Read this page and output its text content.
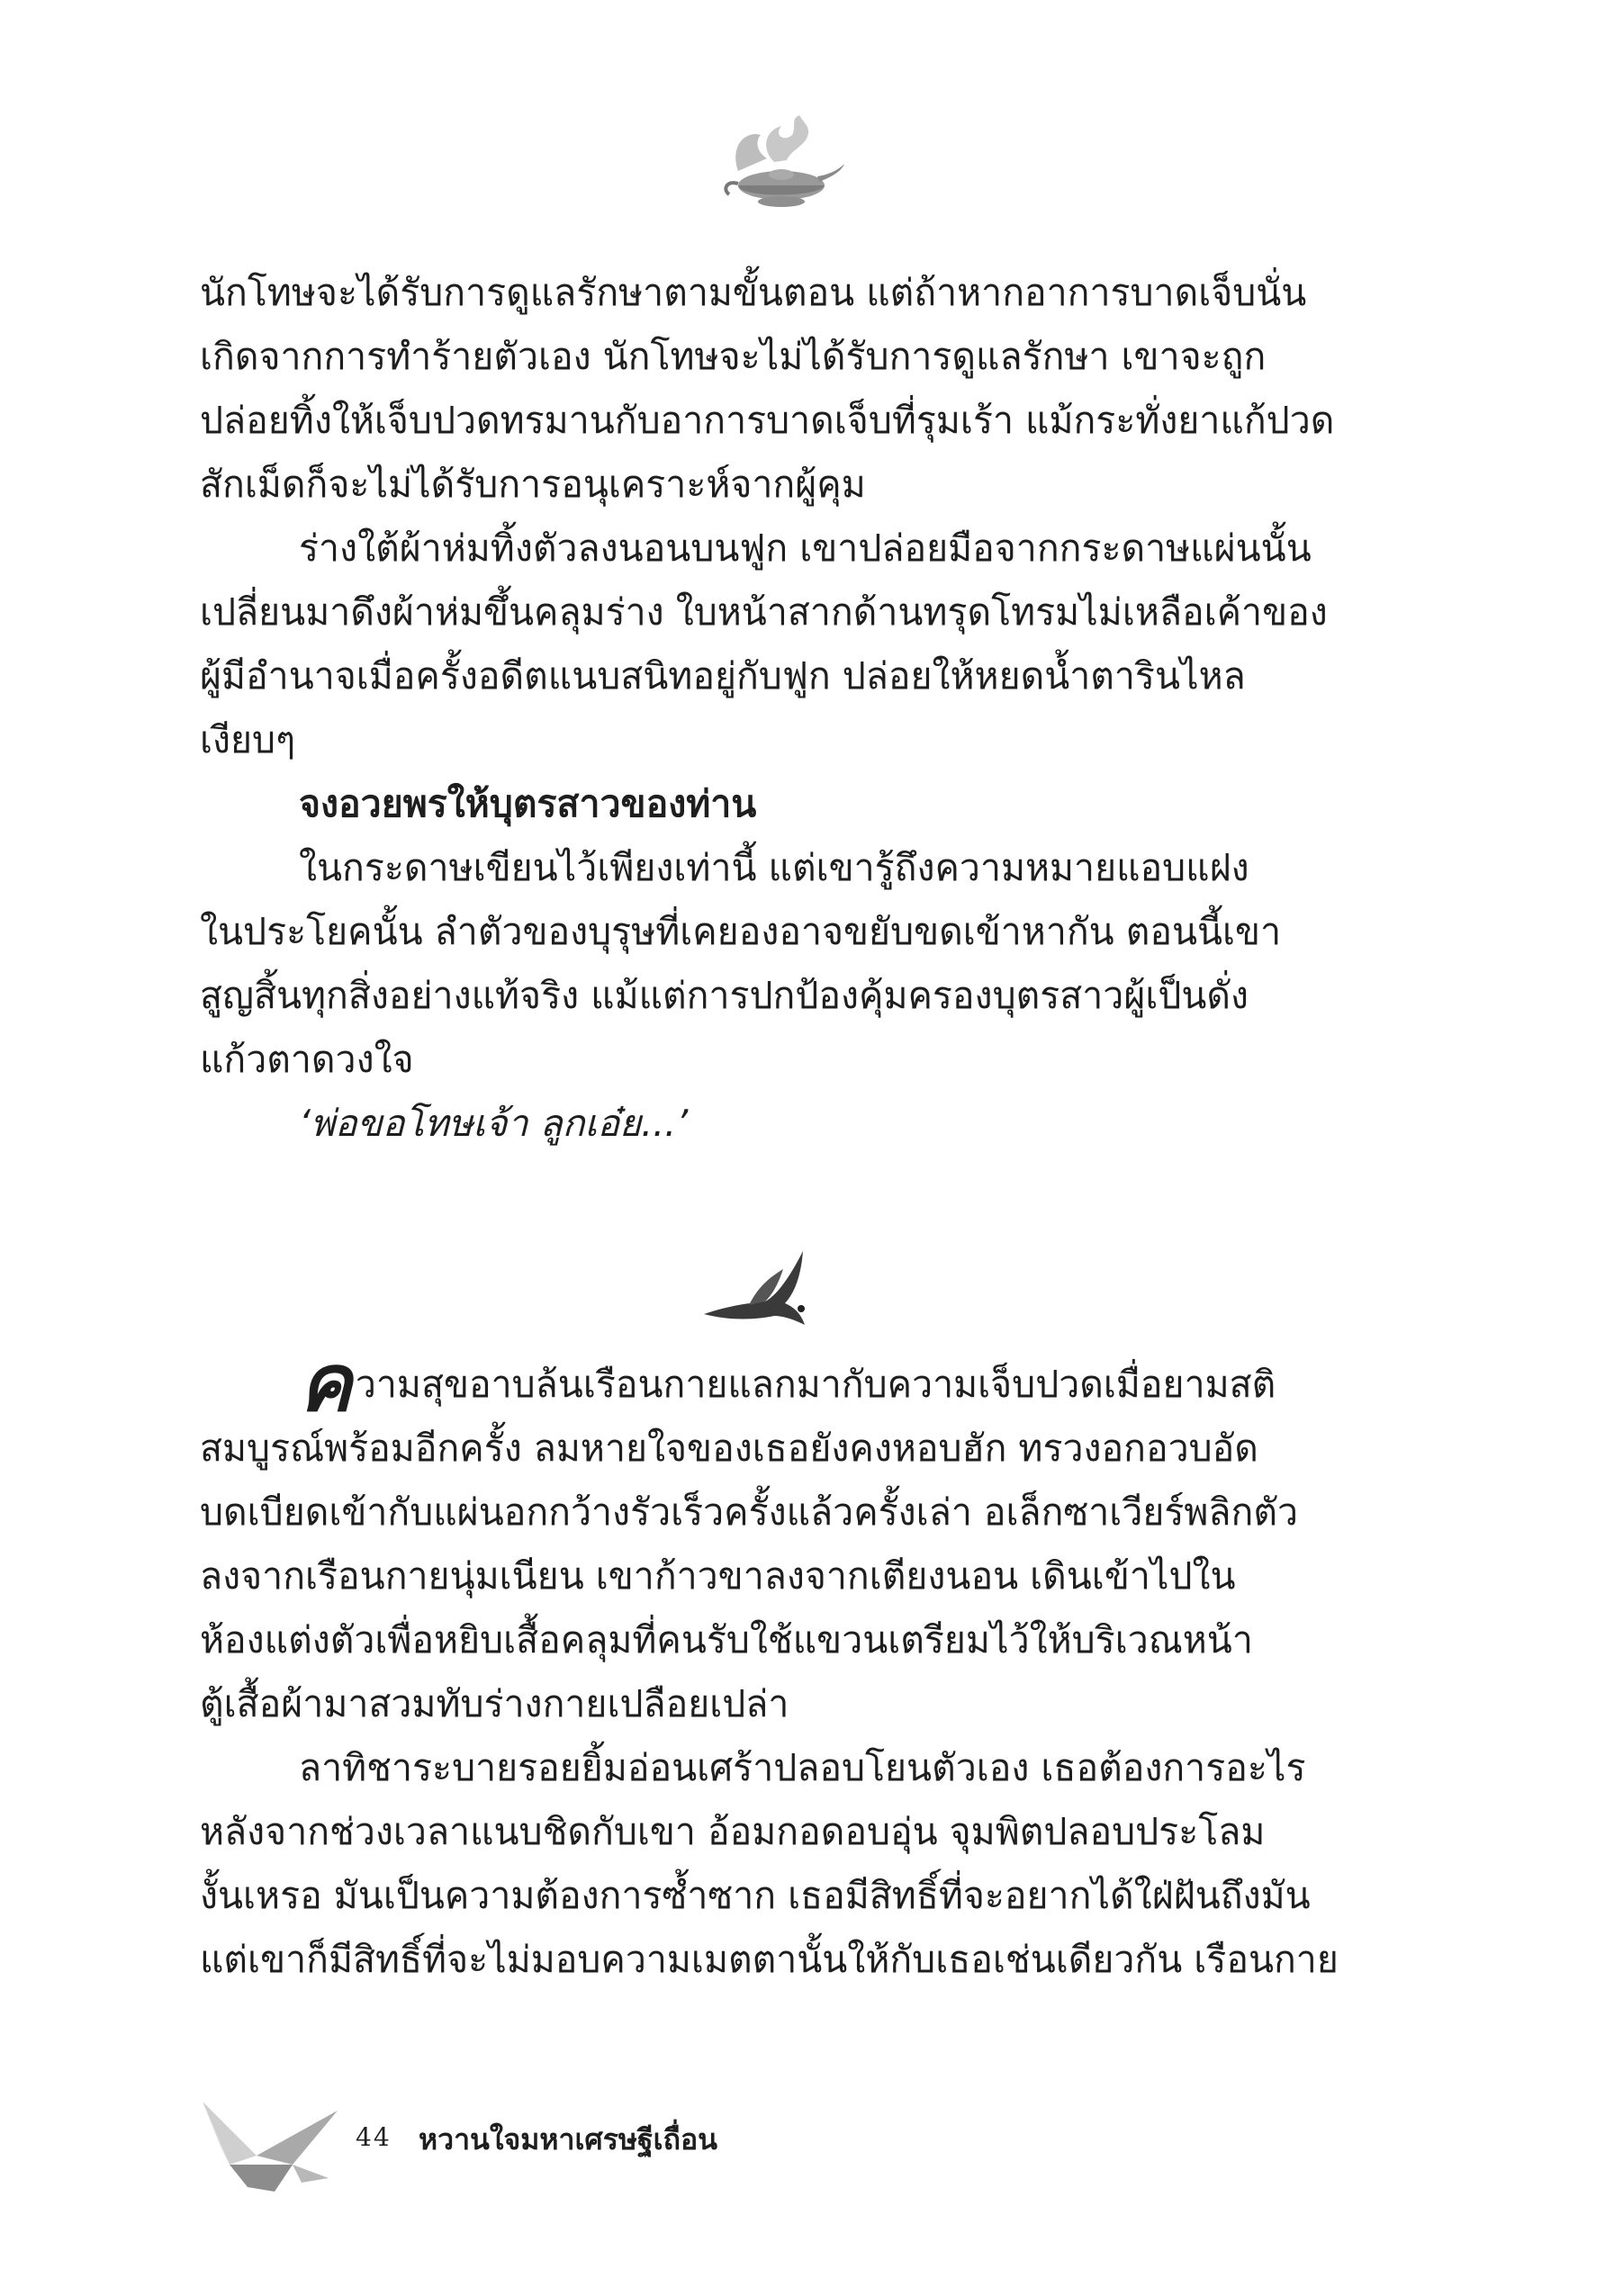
นักโทษจะได้รับการดูแลรักษาตามขั้นตอน แต่ถ้าหากอาการบาดเจ็บนั่น
เกิดจากการทำร้ายตัวเอง นักโทษจะไม่ได้รับการดูแลรักษา เขาจะถูก
ปล่อยทิ้งให้เจ็บปวดทรมานกับอาการบาดเจ็บที่รุมเร้า แม้กระทั่งยาแก้ปวด
สักเม็ดก็จะไม่ได้รับการอนุเคราะห์จากผู้คุม

ร่างใต้ผ้าห่มทิ้งตัวลงนอนบนฟูก เขาปล่อยมือจากกระดาษแผ่นนั้น
เปลี่ยนมาดึงผ้าห่มขึ้นคลุมร่าง ใบหน้าสากด้านทรุดโทรมไม่เหลือเค้าของ
ผู้มีอำนาจเมื่อครั้งอดีตแนบสนิทอยู่กับฟูก ปล่อยให้หยดน้ำตารินไหล
เงียบๆ

จงอวยพรให้บุตรสาวของท่าน

ในกระดาษเขียนไว้เพียงเท่านี้ แต่เขารู้ถึงความหมายแอบแฝง
ในประโยคนั้น ลำตัวของบุรุษที่เคยองอาจขยับขดเข้าหากัน ตอนนี้เขา
สูญสิ้นทุกสิ่งอย่างแท้จริง แม้แต่การปกป้องคุ้มครองบุตรสาวผู้เป็นดั่ง
แก้วตาดวงใจ

‘พ่อขอโทษเจ้า ลูกเอ๋ย...’

ค วามสุขอาบล้นเรือนกายแลกมากับความเจ็บปวดเมื่อยามสติ
สมบูรณ์พร้อมอีกครั้ง ลมหายใจของเธอยังคงหอบฮัก ทรวงอกอวบอัด
บดเบียดเข้ากับแผ่นอกกว้างรัวเร็วครั้งแล้วครั้งเล่า อเล็กซาเวียร์พลิกตัว
ลงจากเรือนกายนุ่มเนียน เขาก้าวขาลงจากเตียงนอน เดินเข้าไปใน
ห้องแต่งตัวเพื่อหยิบเสื้อคลุมที่คนรับใช้แขวนเตรียมไว้ให้บริเวณหน้า
ตู้เสื้อผ้ามาสวมทับร่างกายเปลือยเปล่า

ลาทิชาระบายรอยยิ้มอ่อนเศร้าปลอบโยนตัวเอง เธอต้องการอะไร
หลังจากช่วงเวลาแนบชิดกับเขา อ้อมกอดอบอุ่น จุมพิตปลอบประโลม
งั้นเหรอ มันเป็นความต้องการซ้ำซาก เธอมีสิทธิ์ที่จะอยากได้ใฝ่ฝันถึงมัน
แต่เขาก็มีสิทธิ์ที่จะไม่มอบความเมตตานั้นให้กับเธอเช่นเดียวกัน เรือนกาย

44 หวานใจมหาเศรษฐีเถื่อน
